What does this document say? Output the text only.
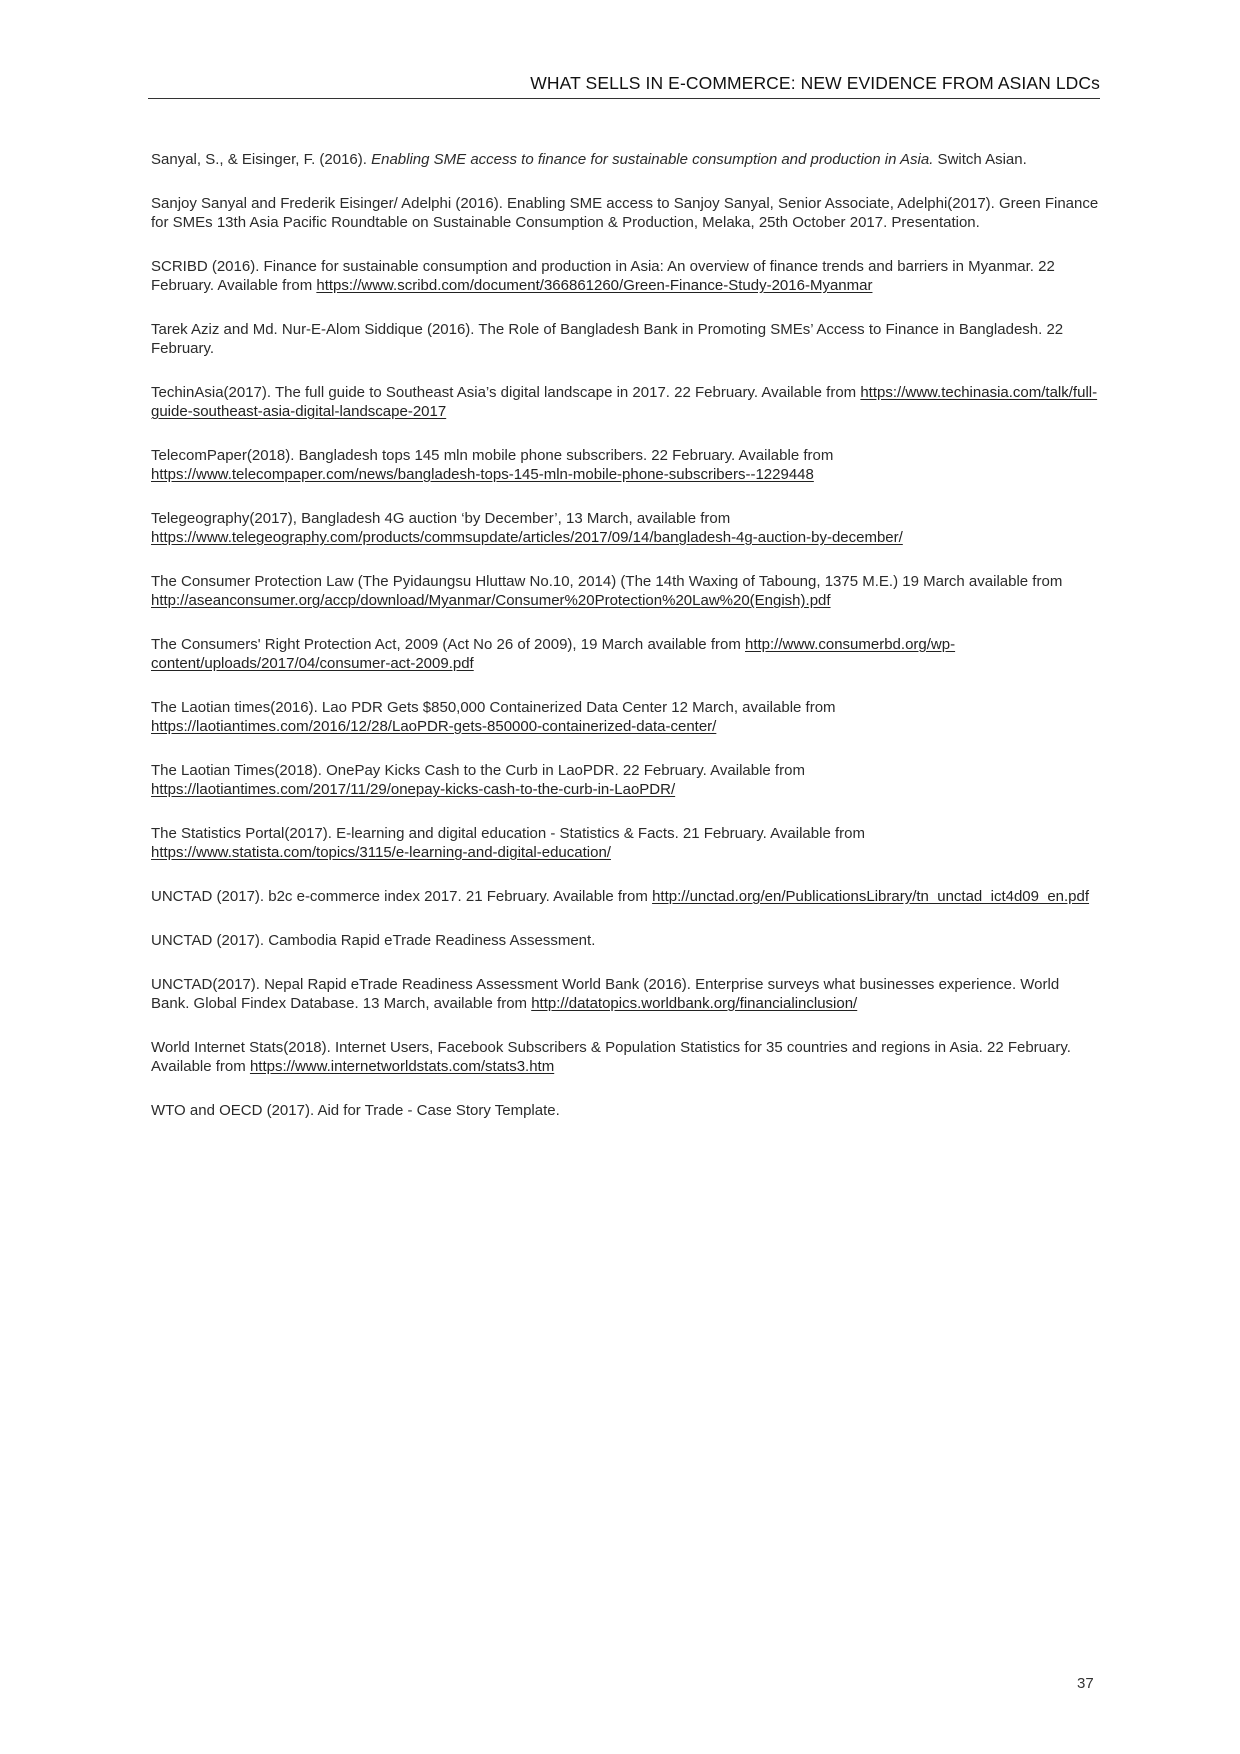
WHAT SELLS IN E-COMMERCE: NEW EVIDENCE FROM ASIAN LDCs

Sanyal, S., & Eisinger, F. (2016). Enabling SME access to finance for sustainable consumption and production in Asia. Switch Asian.

Sanjoy Sanyal and Frederik Eisinger/ Adelphi (2016). Enabling SME access to Sanjoy Sanyal, Senior Associate, Adelphi(2017). Green Finance for SMEs 13th Asia Pacific Roundtable on Sustainable Consumption & Production, Melaka, 25th October 2017. Presentation.

SCRIBD (2016). Finance for sustainable consumption and production in Asia: An overview of finance trends and barriers in Myanmar. 22 February. Available from https://www.scribd.com/document/366861260/Green-Finance-Study-2016-Myanmar

Tarek Aziz and Md. Nur-E-Alom Siddique (2016). The Role of Bangladesh Bank in Promoting SMEs’ Access to Finance in Bangladesh. 22 February.

TechinAsia(2017). The full guide to Southeast Asia’s digital landscape in 2017. 22 February. Available from https://www.techinasia.com/talk/full-guide-southeast-asia-digital-landscape-2017

TelecomPaper(2018). Bangladesh tops 145 mln mobile phone subscribers. 22 February. Available from https://www.telecompaper.com/news/bangladesh-tops-145-mln-mobile-phone-subscribers--1229448

Telegeography(2017), Bangladesh 4G auction ‘by December’, 13 March, available from https://www.telegeography.com/products/commsupdate/articles/2017/09/14/bangladesh-4g-auction-by-december/

The Consumer Protection Law (The Pyidaungsu Hluttaw No.10, 2014) (The 14th Waxing of Taboung, 1375 M.E.) 19 March available from http://aseanconsumer.org/accp/download/Myanmar/Consumer%20Protection%20Law%20(Engish).pdf

The Consumers' Right Protection Act, 2009 (Act No 26 of 2009), 19 March available from http://www.consumerbd.org/wp-content/uploads/2017/04/consumer-act-2009.pdf

The Laotian times(2016). Lao PDR Gets $850,000 Containerized Data Center 12 March, available from https://laotiantimes.com/2016/12/28/LaoPDR-gets-850000-containerized-data-center/

The Laotian Times(2018). OnePay Kicks Cash to the Curb in LaoPDR. 22 February. Available from https://laotiantimes.com/2017/11/29/onepay-kicks-cash-to-the-curb-in-LaoPDR/

The Statistics Portal(2017). E-learning and digital education - Statistics & Facts. 21 February. Available from https://www.statista.com/topics/3115/e-learning-and-digital-education/

UNCTAD (2017). b2c e-commerce index 2017. 21 February. Available from http://unctad.org/en/PublicationsLibrary/tn_unctad_ict4d09_en.pdf

UNCTAD (2017). Cambodia Rapid eTrade Readiness Assessment.

UNCTAD(2017). Nepal Rapid eTrade Readiness Assessment World Bank (2016). Enterprise surveys what businesses experience. World Bank. Global Findex Database. 13 March, available from http://datatopics.worldbank.org/financialinclusion/

World Internet Stats(2018). Internet Users, Facebook Subscribers & Population Statistics for 35 countries and regions in Asia. 22 February. Available from https://www.internetworldstats.com/stats3.htm

WTO and OECD (2017). Aid for Trade - Case Story Template.

37
